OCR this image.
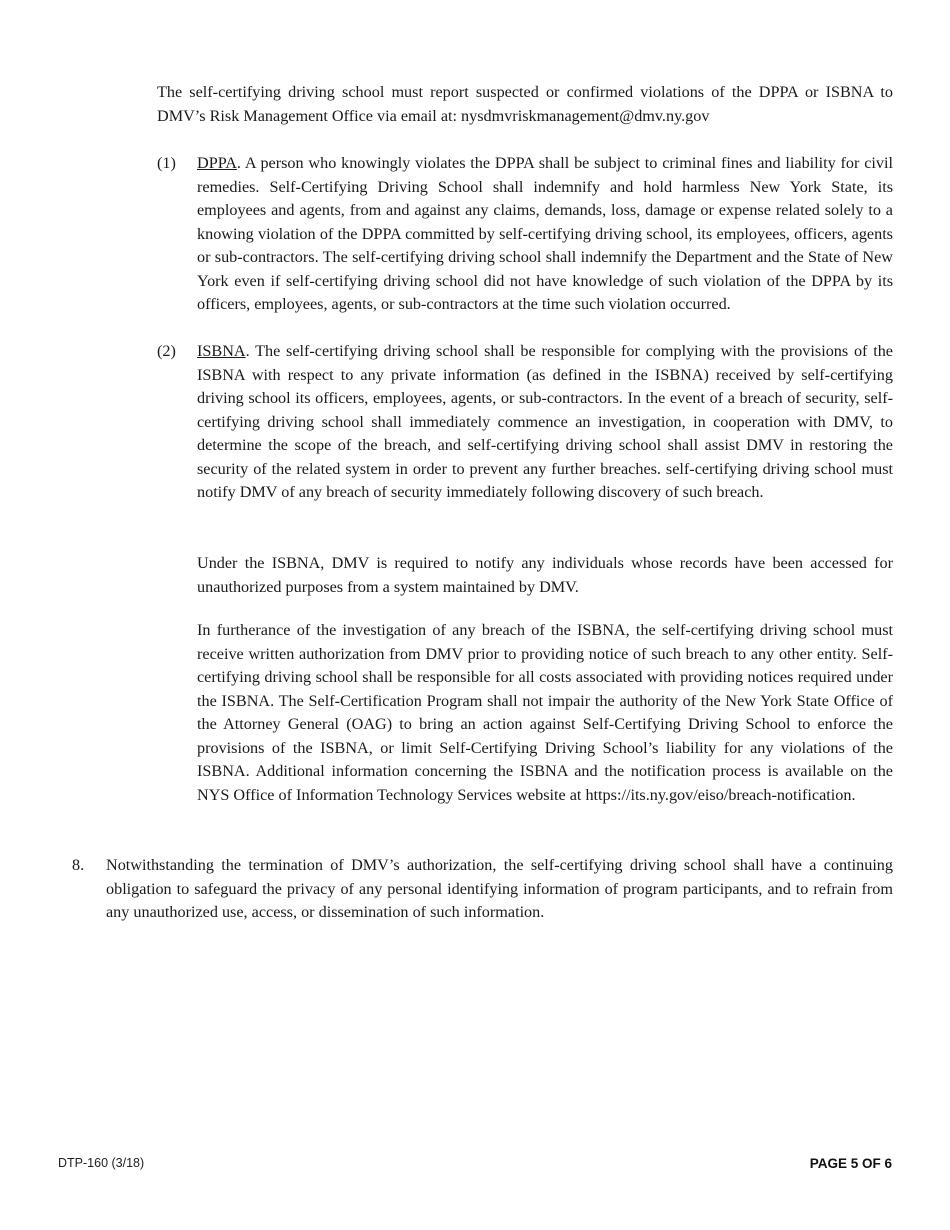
The self-certifying driving school must report suspected or confirmed violations of the DPPA or ISBNA to DMV’s Risk Management Office via email at: nysdmvriskmanagement@dmv.ny.gov

(1) DPPA. A person who knowingly violates the DPPA shall be subject to criminal fines and liability for civil remedies. Self-Certifying Driving School shall indemnify and hold harmless New York State, its employees and agents, from and against any claims, demands, loss, damage or expense related solely to a knowing violation of the DPPA committed by self-certifying driving school, its employees, officers, agents or sub-contractors. The self-certifying driving school shall indemnify the Department and the State of New York even if self-certifying driving school did not have knowledge of such violation of the DPPA by its officers, employees, agents, or sub-contractors at the time such violation occurred.

(2) ISBNA. The self-certifying driving school shall be responsible for complying with the provisions of the ISBNA with respect to any private information (as defined in the ISBNA) received by self-certifying driving school its officers, employees, agents, or sub-contractors. In the event of a breach of security, self-certifying driving school shall immediately commence an investigation, in cooperation with DMV, to determine the scope of the breach, and self-certifying driving school shall assist DMV in restoring the security of the related system in order to prevent any further breaches. self-certifying driving school must notify DMV of any breach of security immediately following discovery of such breach.

Under the ISBNA, DMV is required to notify any individuals whose records have been accessed for unauthorized purposes from a system maintained by DMV.

In furtherance of the investigation of any breach of the ISBNA, the self-certifying driving school must receive written authorization from DMV prior to providing notice of such breach to any other entity. Self-certifying driving school shall be responsible for all costs associated with providing notices required under the ISBNA. The Self-Certification Program shall not impair the authority of the New York State Office of the Attorney General (OAG) to bring an action against Self-Certifying Driving School to enforce the provisions of the ISBNA, or limit Self-Certifying Driving School’s liability for any violations of the ISBNA. Additional information concerning the ISBNA and the notification process is available on the NYS Office of Information Technology Services website at https://its.ny.gov/eiso/breach-notification.

8. Notwithstanding the termination of DMV’s authorization, the self-certifying driving school shall have a continuing obligation to safeguard the privacy of any personal identifying information of program participants, and to refrain from any unauthorized use, access, or dissemination of such information.

DTP-160 (3/18)	PAGE 5 OF 6
